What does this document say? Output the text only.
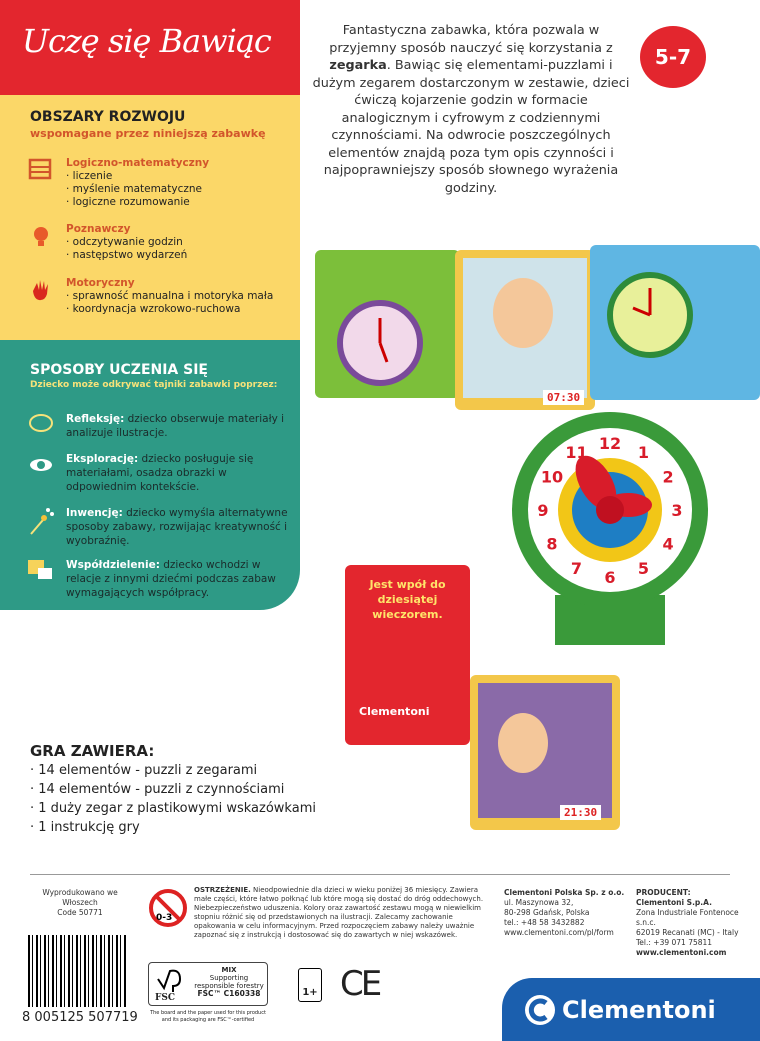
Uczę się Bawiąc
OBSZARY ROZWOJU
wspomagane przez niniejszą zabawkę
Logiczno-matematyczny
· liczenie
· myślenie matematyczne
· logiczne rozumowanie
Poznawczy
· odczytywanie godzin
· następstwo wydarzeń
Motoryczny
· sprawność manualna i motoryka mała
· koordynacja wzrokowo-ruchowa
SPOSOBY UCZENIA SIĘ
Dziecko może odkrywać tajniki zabawki poprzez:
Refleksję: dziecko obserwuje materiały i analizuje ilustracje.
Eksplorację: dziecko posługuje się materiałami, osadza obrazki w odpowiednim kontekście.
Inwencję: dziecko wymyśla alternatywne sposoby zabawy, rozwijając kreatywność i wyobraźnię.
Współdzielenie: dziecko wchodzi w relacje z innymi dziećmi podczas zabaw wymagających współpracy.
Fantastyczna zabawka, która pozwala w przyjemny sposób nauczyć się korzystania z zegarka. Bawiąc się elementami-puzzlami i dużym zegarem dostarczonym w zestawie, dzieci ćwiczą kojarzenie godzin w formacie analogicznym i cyfrowym z codziennymi czynnościami. Na odwrocie poszczególnych elementów znajdą poza tym opis czynności i najpoprawniejszy sposób słownego wyrażenia godziny.
5-7
07:30
12 1
2
3
4
5
6
7
8
9
10
11
Jest wpół do dziesiątej wieczorem.
Clementoni
21:30
GRA ZAWIERA:
· 14 elementów - puzzli z zegarami
· 14 elementów - puzzli z czynnościami
· 1 duży zegar z plastikowymi wskazówkami
· 1 instrukcję gry
Wyprodukowano we Włoszech
Code 50771
8 005125 507719
0-3
OSTRZEŻENIE. Nieodpowiednie dla dzieci w wieku poniżej 36 miesięcy. Zawiera małe części, które łatwo połknąć lub które mogą się dostać do dróg oddechowych. Niebezpieczeństwo uduszenia. Kolory oraz zawartość zestawu mogą w niewielkim stopniu różnić się od przedstawionych na ilustracji. Zalecamy zachowanie opakowania w celu informacyjnym. Przed rozpoczęciem zabawy należy uważnie zapoznać się z instrukcją i dostosować się do zawartych w niej wskazówek.
FSC
MIX
Supporting responsible forestry
FSC™ C160338
The board and the paper used for this product and its packaging are FSC™-certified
1+ CE
Clementoni Polska Sp. z o.o.
ul. Maszynowa 32,
80-298 Gdańsk, Polska
tel.: +48 58 3432882
www.clementoni.com/pl/form
PRODUCENT:
Clementoni S.p.A.
Zona Industriale Fontenoce s.n.c.
62019 Recanati (MC) - Italy
Tel.: +39 071 75811
www.clementoni.com
Clementoni
